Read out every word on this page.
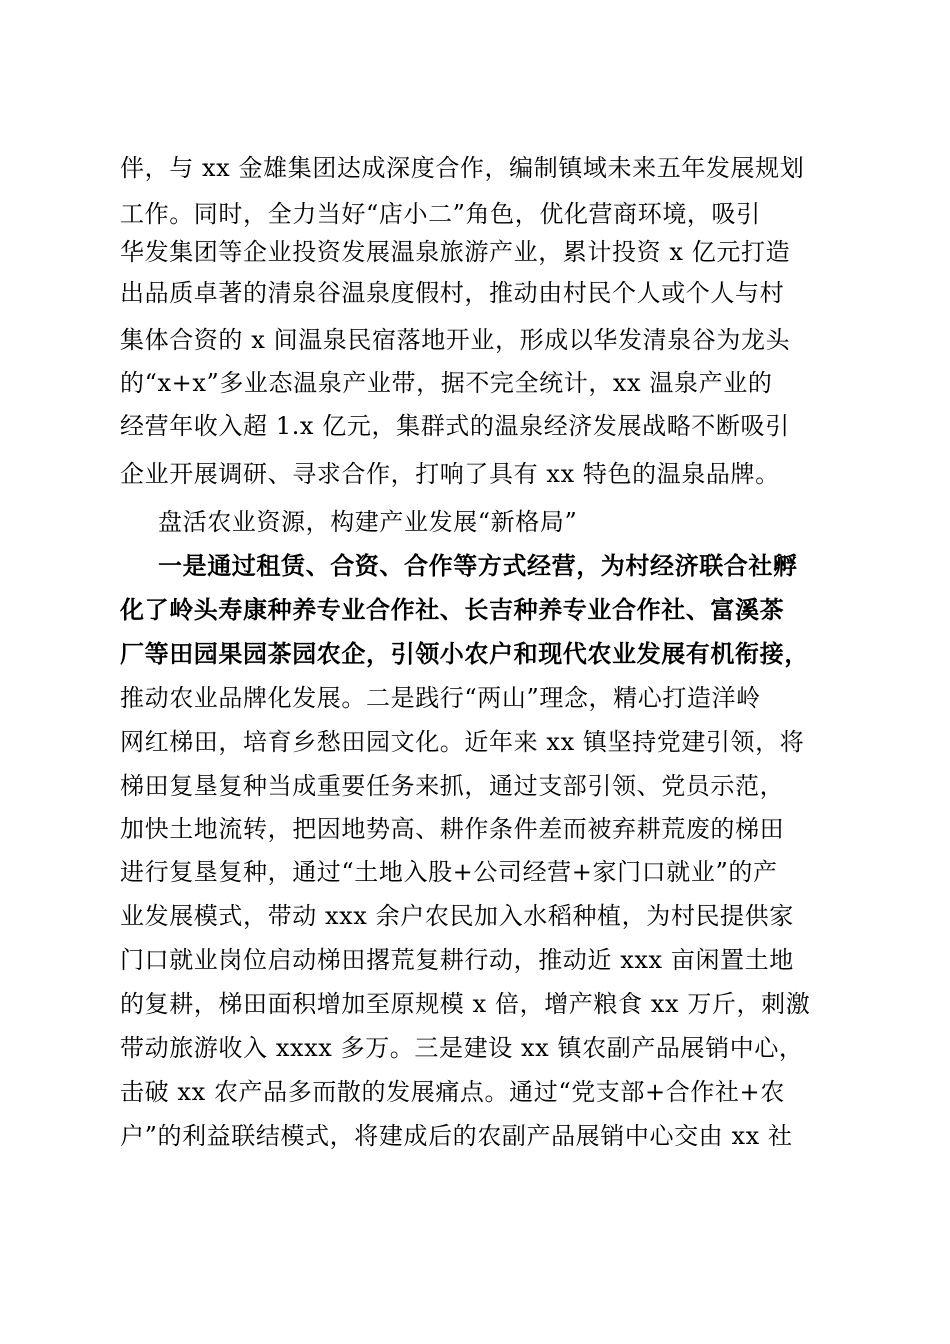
伴，与 xx 金雄集团达成深度合作，编制镇域未来五年发展规划
工作。同时，全力当好“店小二”角色，优化营商环境，吸引
华发集团等企业投资发展温泉旅游产业，累计投资 x 亿元打造
出品质卓著的清泉谷温泉度假村，推动由村民个人或个人与村
集体合资的 x 间温泉民宿落地开业，形成以华发清泉谷为龙头
的“x+x”多业态温泉产业带，据不完全统计，xx 温泉产业的
经营年收入超 1.x 亿元，集群式的温泉经济发展战略不断吸引
企业开展调研、寻求合作，打响了具有 xx 特色的温泉品牌。
盘活农业资源，构建产业发展“新格局”
一是通过租赁、合资、合作等方式经营，为村经济联合社孵
化了岭头寿康种养专业合作社、长吉种养专业合作社、富溪茶
厂等田园果园茶园农企，引领小农户和现代农业发展有机衔接，
推动农业品牌化发展。二是践行“两山”理念，精心打造洋岭
网红梯田，培育乡愁田园文化。近年来 xx 镇坚持党建引领，将
梯田复垦复种当成重要任务来抓，通过支部引领、党员示范，
加快土地流转，把因地势高、耕作条件差而被弃耕荒废的梯田
进行复垦复种，通过“土地入股+公司经营+家门口就业”的产
业发展模式，带动 xxx 余户农民加入水稻种植，为村民提供家
门口就业岗位启动梯田撂荒复耕行动，推动近 xxx 亩闲置土地
的复耕，梯田面积增加至原规模 x 倍，增产粮食 xx 万斤，刺激
带动旅游收入 xxxx 多万。三是建设 xx 镇农副产品展销中心，
击破 xx 农产品多而散的发展痛点。通过“党支部+合作社+农
户”的利益联结模式，将建成后的农副产品展销中心交由 xx 社
